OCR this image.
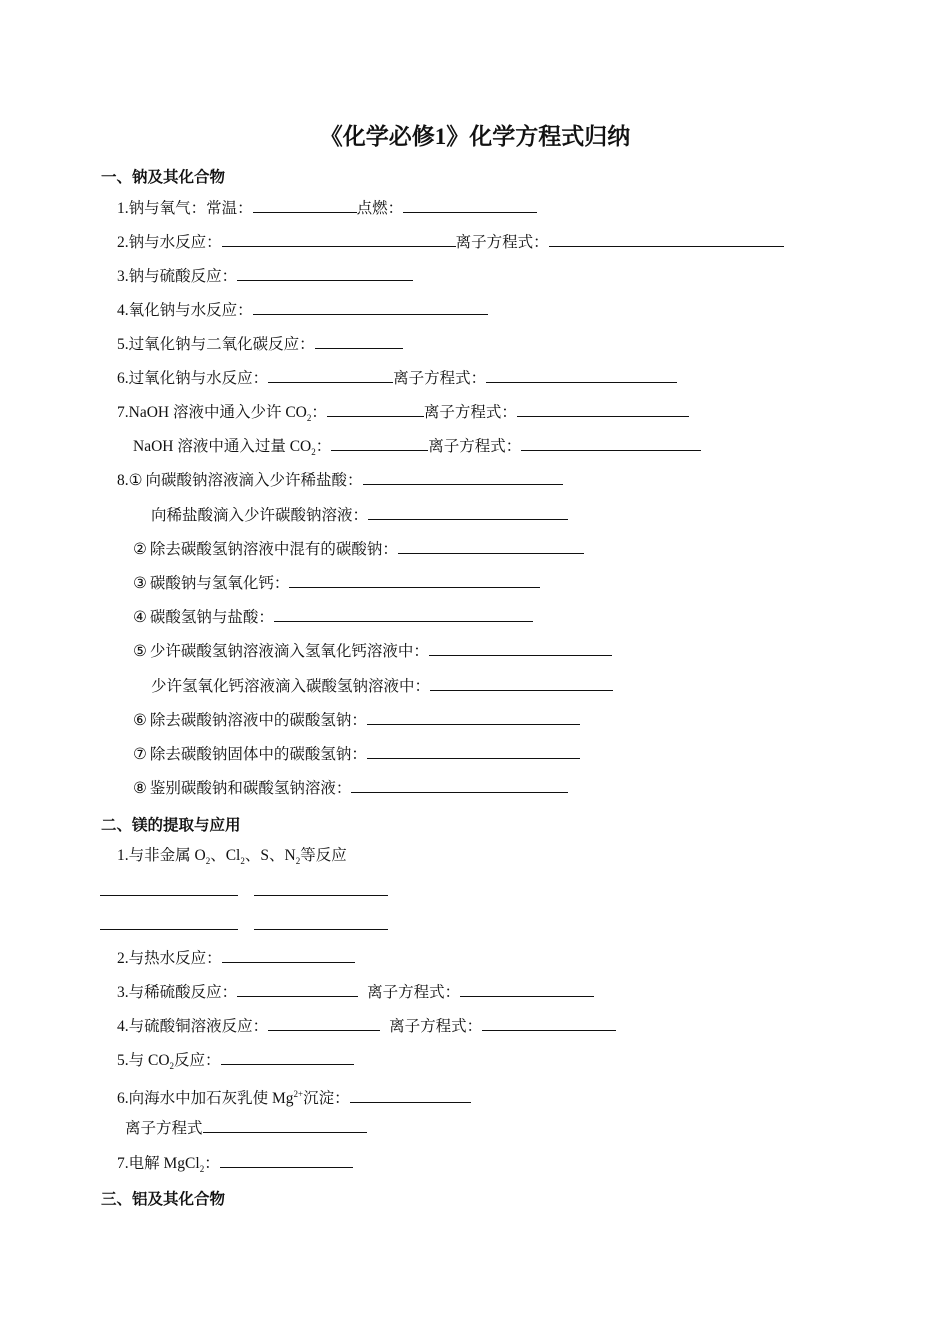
《化学必修1》化学方程式归纳
一、钠及其化合物
1.钠与氧气：常温：	点燃：
2.钠与水反应：	离子方程式：
3.钠与硫酸反应：
4.氧化钠与水反应：
5.过氧化钠与二氧化碳反应：
6.过氧化钠与水反应：	离子方程式：
7.NaOH 溶液中通入少许 $CO_2$：	离子方程式：
NaOH 溶液中通入过量 $CO_2$：	离子方程式：
8.① 向碳酸钠溶液滴入少许稀盐酸：
向稀盐酸滴入少许碳酸钠溶液：
② 除去碳酸氢钠溶液中混有的碳酸钠：
③ 碳酸钠与氢氧化钙：
④ 碳酸氢钠与盐酸：
⑤ 少许碳酸氢钠溶液滴入氢氧化钙溶液中：
少许氢氧化钙溶液滴入碳酸氢钠溶液中：
⑥ 除去碳酸钠溶液中的碳酸氢钠：
⑦ 除去碳酸钠固体中的碳酸氢钠：
⑧ 鉴别碳酸钠和碳酸氢钠溶液：
二、镁的提取与应用
1.与非金属 $O_2$、$Cl_2$、S、$N_2$等反应

2.与热水反应：
3.与稀硫酸反应：	离子方程式：
4.与硫酸铜溶液反应：	离子方程式：
5.与 $CO_2$反应：
6.向海水中加石灰乳使 $Mg^{2+}$沉淀：
离子方程式
7.电解 MgCl$_2$：
三、铝及其化合物
